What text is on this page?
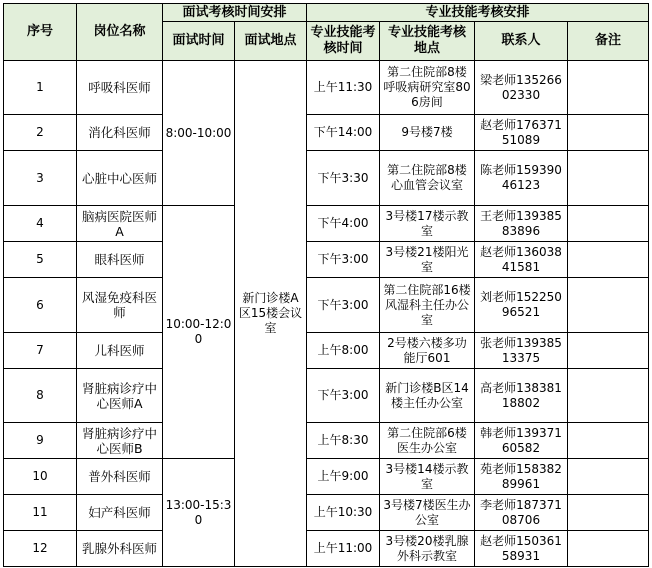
序号	岗位名称	面试考核时间安排		专业技能考核安排			
		面试时间	面试地点	专业技能考核时间	专业技能考核地点	联系人	备注
1	呼吸科医师	8:00-10:00	新门诊楼A区15楼会议室	上午11:30	第二住院部8楼呼吸病研究室806房间	梁老师13526602330	
2	消化科医师			下午14:00	9号楼7楼	赵老师17637151089	
3	心脏中心医师			下午3:30	第二住院部8楼心血管会议室	陈老师15939046123	
4	脑病医院医师A	10:00-12:00		下午4:00	3号楼17楼示教室	王老师13938583896	
5	眼科医师			下午3:00	3号楼21楼阳光室	赵老师13603841581	
6	风湿免疫科医师			下午3:00	第二住院部16楼风湿科主任办公室	刘老师15225096521	
7	儿科医师			上午8:00	2号楼六楼多功能厅601	张老师13938513375	
8	肾脏病诊疗中心医师A			下午3:00	新门诊楼B区14楼主任办公室	高老师13838118802	
9	肾脏病诊疗中心医师B			上午8:30	第二住院部6楼医生办公室	韩老师13937160582	
10	普外科医师	13:00-15:30		上午9:00	3号楼14楼示教室	苑老师15838289961	
11	妇产科医师			上午10:30	3号楼7楼医生办公室	李老师18737108706	
12	乳腺外科医师			上午11:00	3号楼20楼乳腺外科示教室	赵老师15036158931	
